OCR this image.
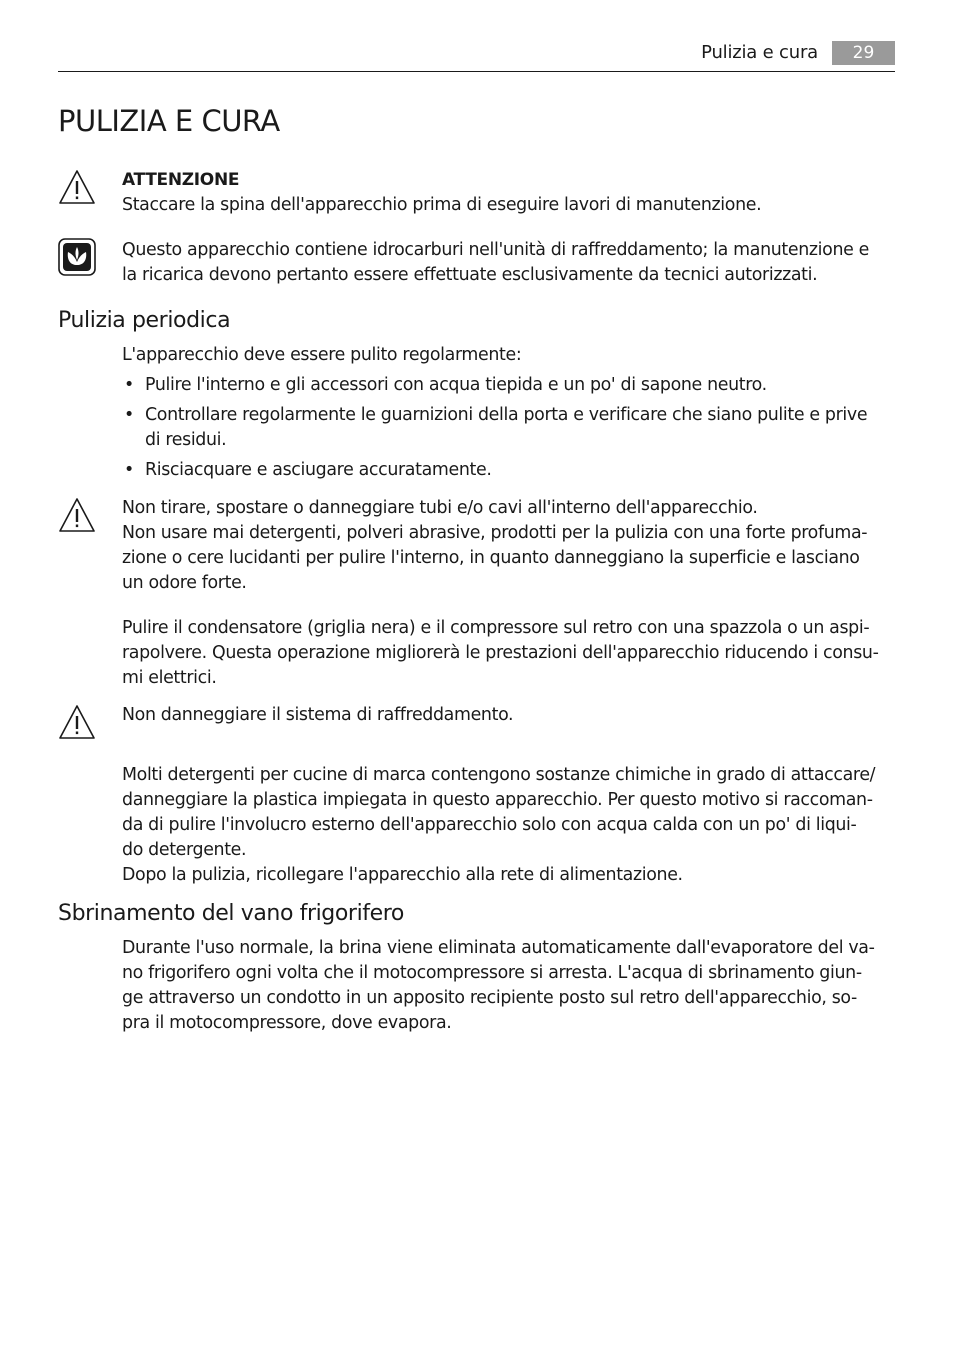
Pulizia e cura	29
PULIZIA E CURA

ATTENZIONE

Staccare la spina dell'apparecchio prima di eseguire lavori di manutenzione.

Questo apparecchio contiene idrocarburi nell'unità di raffreddamento; la manutenzione e

la ricarica devono pertanto essere effettuate esclusivamente da tecnici autorizzati.

Pulizia periodica

L'apparecchio deve essere pulito regolarmente:

• Pulire l'interno e gli accessori con acqua tiepida e un po' di sapone neutro.
• Controllare regolarmente le guarnizioni della porta e verificare che siano pulite e prive
di residui.
• Risciacquare e asciugare accuratamente.

Non tirare, spostare o danneggiare tubi e/o cavi all'interno dell'apparecchio.

Non usare mai detergenti, polveri abrasive, prodotti per la pulizia con una forte profuma-

zione o cere lucidanti per pulire l'interno, in quanto danneggiano la superficie e lasciano

un odore forte.

Pulire il condensatore (griglia nera) e il compressore sul retro con una spazzola o un aspi-

rapolvere. Questa operazione migliorerà le prestazioni dell'apparecchio riducendo i consu-

mi elettrici.

Non danneggiare il sistema di raffreddamento.

Molti detergenti per cucine di marca contengono sostanze chimiche in grado di attaccare/

danneggiare la plastica impiegata in questo apparecchio. Per questo motivo si raccoman-

da di pulire l'involucro esterno dell'apparecchio solo con acqua calda con un po' di liqui-

do detergente.

Dopo la pulizia, ricollegare l'apparecchio alla rete di alimentazione.

Sbrinamento del vano frigorifero

Durante l'uso normale, la brina viene eliminata automaticamente dall'evaporatore del va-

no frigorifero ogni volta che il motocompressore si arresta. L'acqua di sbrinamento giun-

ge attraverso un condotto in un apposito recipiente posto sul retro dell'apparecchio, so-

pra il motocompressore, dove evapora.
